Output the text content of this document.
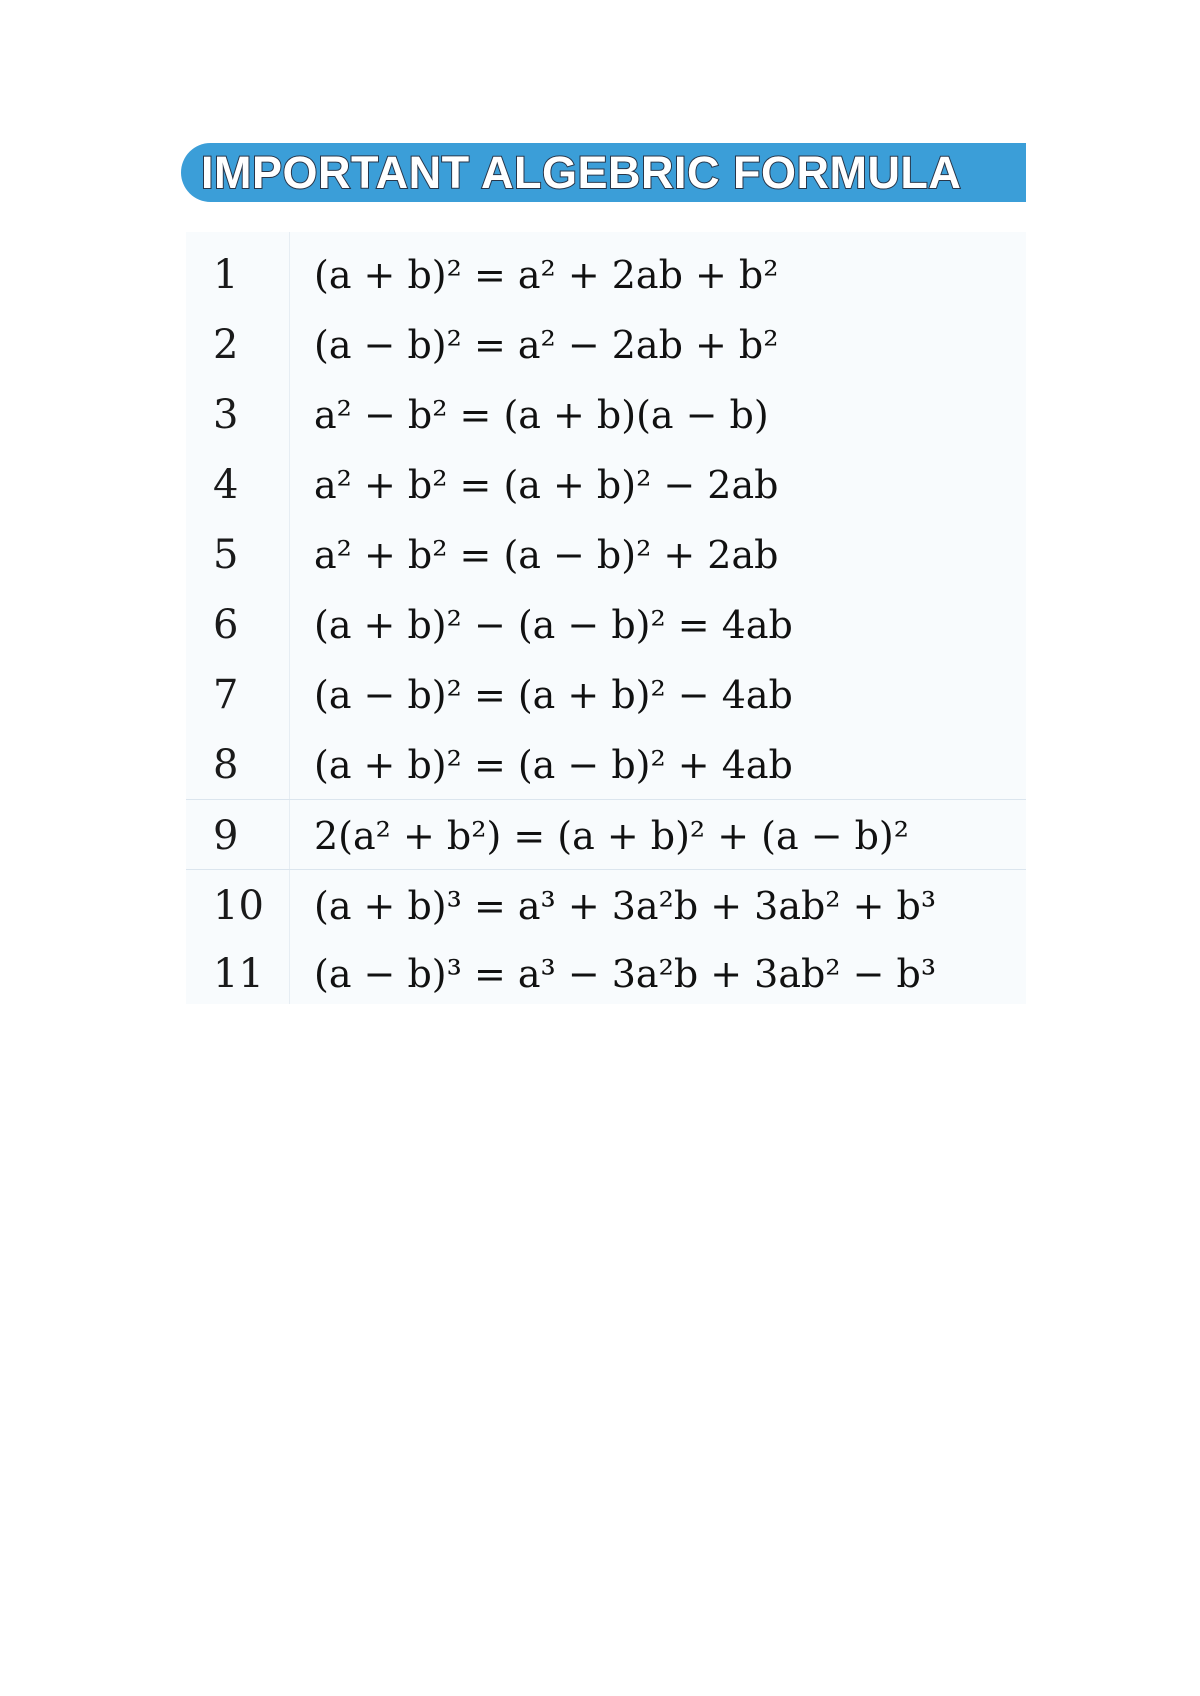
IMPORTANT ALGEBRIC FORMULA
1 (a + b)² = a² + 2ab + b²
2 (a − b)² = a² − 2ab + b²
3 a² − b² = (a + b)(a − b)
4 a² + b² = (a + b)² − 2ab
5 a² + b² = (a − b)² + 2ab
6 (a + b)² − (a − b)² = 4ab
7 (a − b)² = (a + b)² − 4ab
8 (a + b)² = (a − b)² + 4ab
9 2(a² + b²) = (a + b)² + (a − b)²
10 (a + b)³ = a³ + 3a²b + 3ab² + b³
11 (a − b)³ = a³ − 3a²b + 3ab² − b³
